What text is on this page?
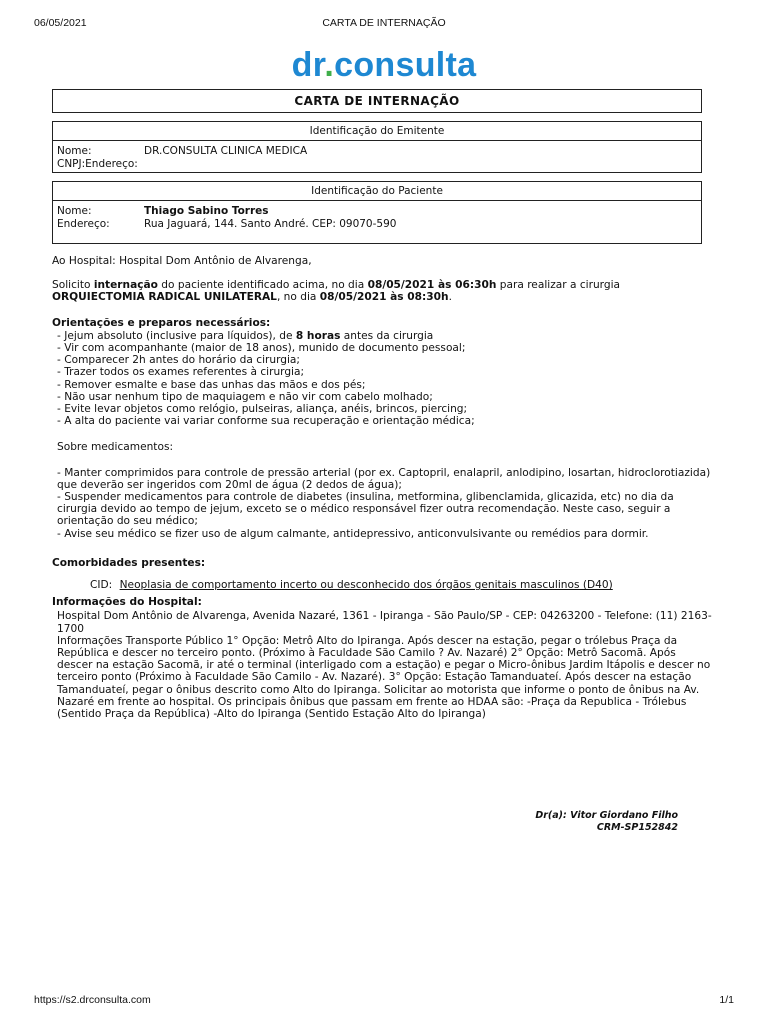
06/05/2021	CARTA DE INTERNAÇÃO
dr.consulta
CARTA DE INTERNAÇÃO
Identificação do Emitente
Nome:	DR.CONSULTA CLINICA MEDICA
CNPJ:Endereço:
Identificação do Paciente
Nome:	Thiago Sabino Torres
Endereço:	Rua Jaguará, 144. Santo André. CEP: 09070-590

Ao Hospital: Hospital Dom Antônio de Alvarenga,

Solicito internação do paciente identificado acima, no dia 08/05/2021 às 06:30h para realizar a cirurgia
ORQUIECTOMIA RADICAL UNILATERAL, no dia 08/05/2021 às 08:30h.

Orientações e preparos necessários:

- Jejum absoluto (inclusive para líquidos), de 8 horas antes da cirurgia
- Vir com acompanhante (maior de 18 anos), munido de documento pessoal;
- Comparecer 2h antes do horário da cirurgia;
- Trazer todos os exames referentes à cirurgia;
- Remover esmalte e base das unhas das mãos e dos pés;
- Não usar nenhum tipo de maquiagem e não vir com cabelo molhado;
- Evite levar objetos como relógio, pulseiras, aliança, anéis, brincos, piercing;
- A alta do paciente vai variar conforme sua recuperação e orientação médica;
Sobre medicamentos:
- Manter comprimidos para controle de pressão arterial (por ex. Captopril, enalapril, anlodipino, losartan, hidroclorotiazida) que deverão ser ingeridos com 20ml de água (2 dedos de água);
- Suspender medicamentos para controle de diabetes (insulina, metformina, glibenclamida, glicazida, etc) no dia da cirurgia devido ao tempo de jejum, exceto se o médico responsável fizer outra recomendação. Neste caso, seguir a orientação do seu médico;
- Avise seu médico se fizer uso de algum calmante, antidepressivo, anticonvulsivante ou remédios para dormir.

Comorbidades presentes:

CID: Neoplasia de comportamento incerto ou desconhecido dos órgãos genitais masculinos (D40)

Informações do Hospital:

Hospital Dom Antônio de Alvarenga, Avenida Nazaré, 1361 - Ipiranga - São Paulo/SP - CEP: 04263200 - Telefone: (11) 2163-1700

Informações Transporte Público 1° Opção: Metrô Alto do Ipiranga. Após descer na estação, pegar o trólebus Praça da República e descer no terceiro ponto. (Próximo à Faculdade São Camilo ? Av. Nazaré) 2° Opção: Metrô Sacomã. Após descer na estação Sacomã, ir até o terminal (interligado com a estação) e pegar o Micro-ônibus Jardim Itápolis e descer no terceiro ponto (Próximo à Faculdade São Camilo - Av. Nazaré). 3° Opção: Estação Tamanduateí. Após descer na estação Tamanduateí, pegar o ônibus descrito como Alto do Ipiranga. Solicitar ao motorista que informe o ponto de ônibus na Av. Nazaré em frente ao hospital. Os principais ônibus que passam em frente ao HDAA são: -Praça da Republica - Trólebus (Sentido Praça da República) -Alto do Ipiranga (Sentido Estação Alto do Ipiranga)

Dr(a): Vitor Giordano Filho
CRM-SP152842
https://s2.drconsulta.com	1/1
